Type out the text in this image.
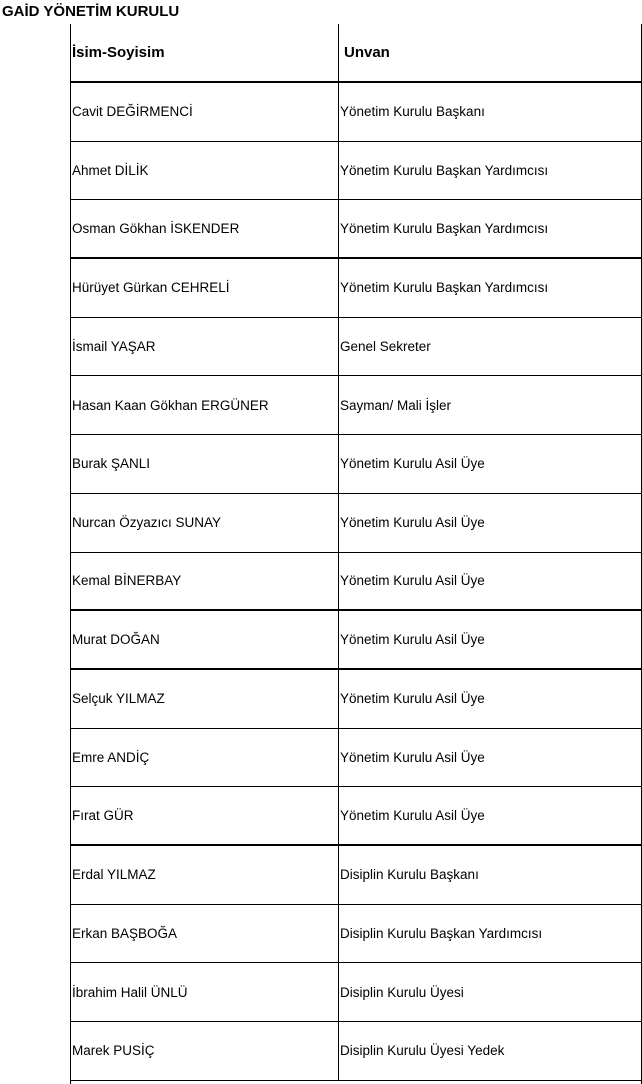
GAİD YÖNETİM KURULU
İsim-Soyisim	Unvan
Cavit DEĞİRMENCİ	Yönetim Kurulu Başkanı
Ahmet DİLİK	Yönetim Kurulu Başkan Yardımcısı
Osman Gökhan İSKENDER	Yönetim Kurulu Başkan Yardımcısı
Hürüyet Gürkan CEHRELİ	Yönetim Kurulu Başkan Yardımcısı
İsmail YAŞAR	Genel Sekreter
Hasan Kaan Gökhan ERGÜNER	Sayman/ Mali İşler
Burak ŞANLI	Yönetim Kurulu Asil Üye
Nurcan Özyazıcı SUNAY	Yönetim Kurulu Asil Üye
Kemal BİNERBAY	Yönetim Kurulu Asil Üye
Murat DOĞAN	Yönetim Kurulu Asil Üye
Selçuk YILMAZ	Yönetim Kurulu Asil Üye
Emre ANDİÇ	Yönetim Kurulu Asil Üye
Fırat GÜR	Yönetim Kurulu Asil Üye
Erdal YILMAZ	Disiplin Kurulu Başkanı
Erkan BAŞBOĞA	Disiplin Kurulu Başkan Yardımcısı
İbrahim Halil ÜNLÜ	Disiplin Kurulu Üyesi
Marek PUSİÇ	Disiplin Kurulu Üyesi Yedek
